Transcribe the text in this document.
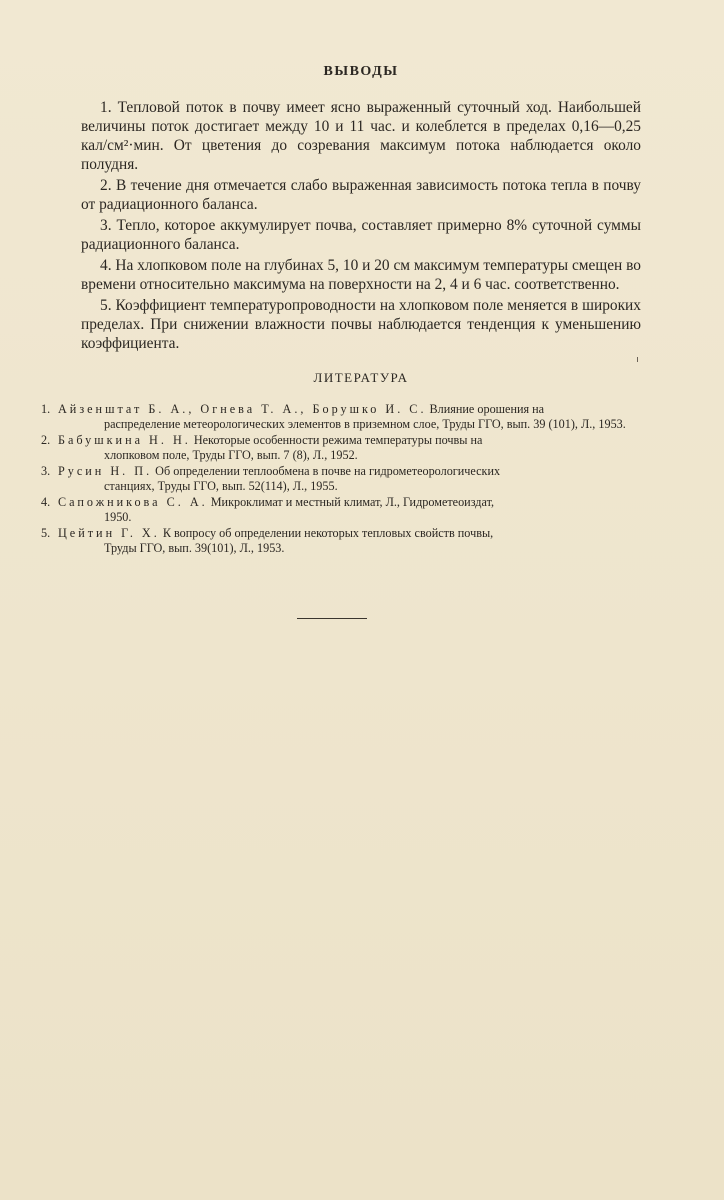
ВЫВОДЫ

1. Тепловой поток в почву имеет ясно выраженный суточный ход. Наибольшей величины поток достигает между 10 и 11 час. и колеблется в пределах 0,16—0,25 кал/см²·мин. От цветения до созревания максимум потока наблюдается около полудня.

2. В течение дня отмечается слабо выраженная зависимость потока тепла в почву от радиационного баланса.

3. Тепло, которое аккумулирует почва, составляет примерно 8% суточной суммы радиационного баланса.

4. На хлопковом поле на глубинах 5, 10 и 20 см максимум температуры смещен во времени относительно максимума на поверхности на 2, 4 и 6 час. соответственно.

5. Коэффициент температуропроводности на хлопковом поле меняется в широких пределах. При снижении влажности почвы наблюдается тенденция к уменьшению коэффициента.

ЛИТЕРАТУРА
1. Айзенштат Б. А., Огнева Т. А., Борушко И. С. Влияние орошения на
распределение метеорологических элементов в приземном слое, Труды ГГО, вып. 39 (101), Л., 1953.
2. Бабушкина Н. Н. Некоторые особенности режима температуры почвы на
хлопковом поле, Труды ГГО, вып. 7 (8), Л., 1952.
3. Русин Н. П. Об определении теплообмена в почве на гидрометеорологических
станциях, Труды ГГО, вып. 52(114), Л., 1955.
4. Сапожникова С. А. Микроклимат и местный климат, Л., Гидрометеоиздат,
1950.
5. Цейтин Г. Х. К вопросу об определении некоторых тепловых свойств почвы,
Труды ГГО, вып. 39(101), Л., 1953.
